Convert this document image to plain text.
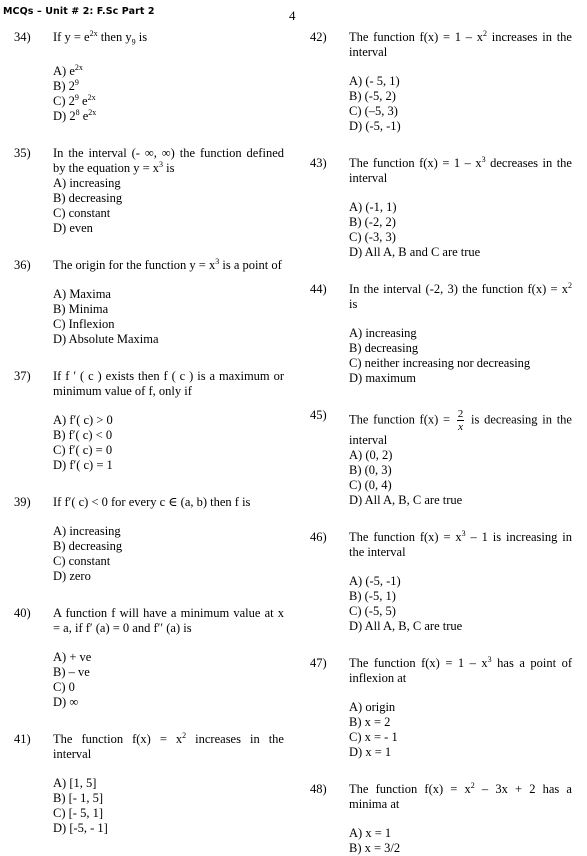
MCQs – Unit # 2: F.Sc Part 2	4
34)	If $y = e^{2x}$ then $y_9$ is
A) $e^{2x}$
B) $2^9$
C) $2^9$ $e^{2x}$
D) $2^8$ $e^{2x}$
35)	In the interval (- ∞, ∞) the function defined by the equation $y = x^3$ is
A) increasing
B) decreasing
C) constant
D) even
36)	The origin for the function $y = x^3$ is a point of
A) Maxima
B) Minima
C) Inflexion
D) Absolute Maxima
37)	If f ′ ( c ) exists then f ( c ) is a maximum or minimum value of f, only if
A) f′( c) > 0
B) f′( c) < 0
C) f′( c) = 0
D) f′( c) = 1
39)	If f′( c) < 0 for every c ∈ (a, b) then f is
A) increasing
B) decreasing
C) constant
D) zero
40)	A function f will have a minimum value at x = a, if f′ (a) = 0 and f′′ (a) is
A) + ve
B) – ve
C) 0
D) ∞
41)	The function $f(x) = x^2$ increases in the interval
A) [1, 5]
B) [- 1, 5]
C) [- 5, 1]
D) [-5, - 1]
42)	The function $f(x) = 1 - x^2$ increases in the interval
A) (- 5, 1)
B) (-5, 2)
C) (–5, 3)
D) (-5, -1)
43)	The function $f(x) = 1 - x^3$ decreases in the interval
A) (-1, 1)
B) (-2, 2)
C) (-3, 3)
D) All A, B and C are true
44)	In the interval (-2, 3) the function $f(x) = x^2$ is
A) increasing
B) decreasing
C) neither increasing nor decreasing
D) maximum
45)	The function $f(x) = \frac{2}{x}$ is decreasing in the interval
A) (0, 2)
B) (0, 3)
C) (0, 4)
D) All A, B, C are true
46)	The function $f(x) = x^3 - 1$ is increasing in the interval
A) (-5, -1)
B) (-5, 1)
C) (-5, 5)
D) All A, B, C are true
47)	The function $f(x) = 1 - x^3$ has a point of inflexion at
A) origin
B) x = 2
C) x = - 1
D) x = 1
48)	The function $f(x) = x^2 - 3x + 2$ has a minima at
A) x = 1
B) x = 3/2
